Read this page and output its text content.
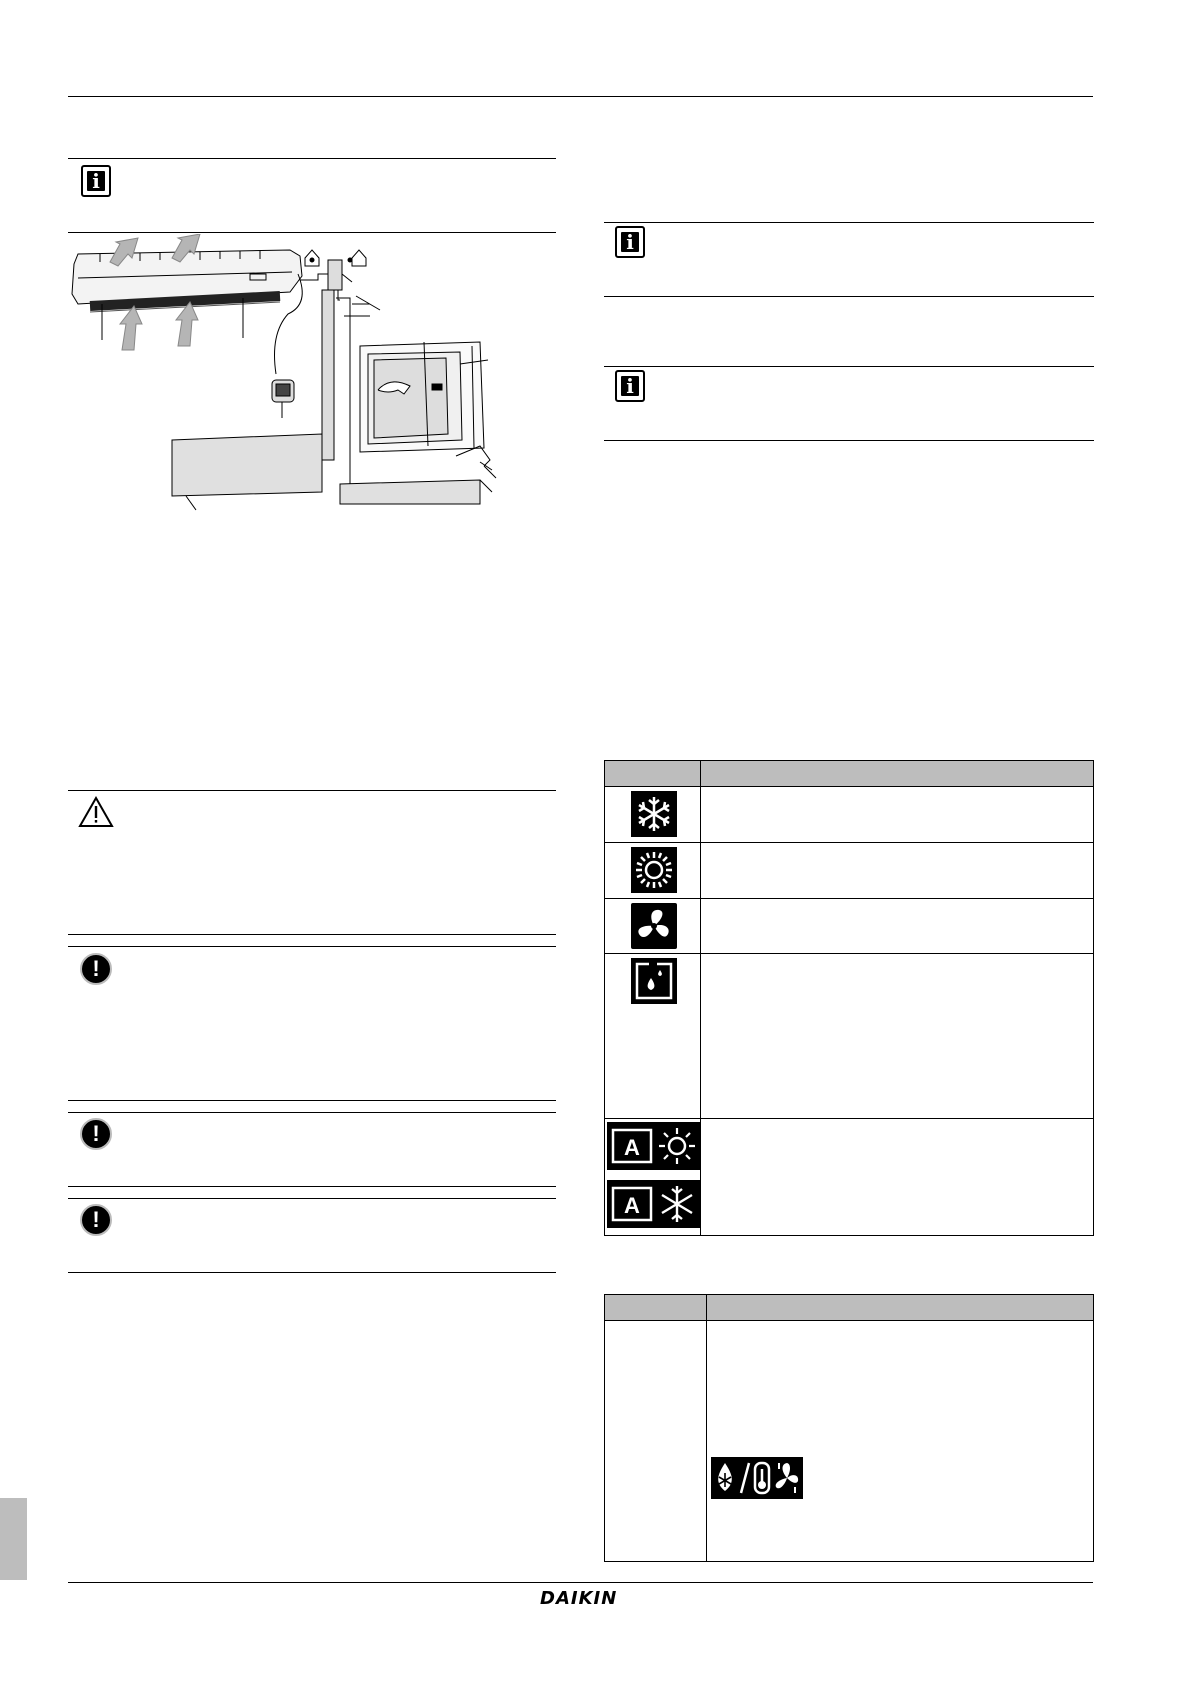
i
!
!
!
i
i
A
A
DAIKIN
